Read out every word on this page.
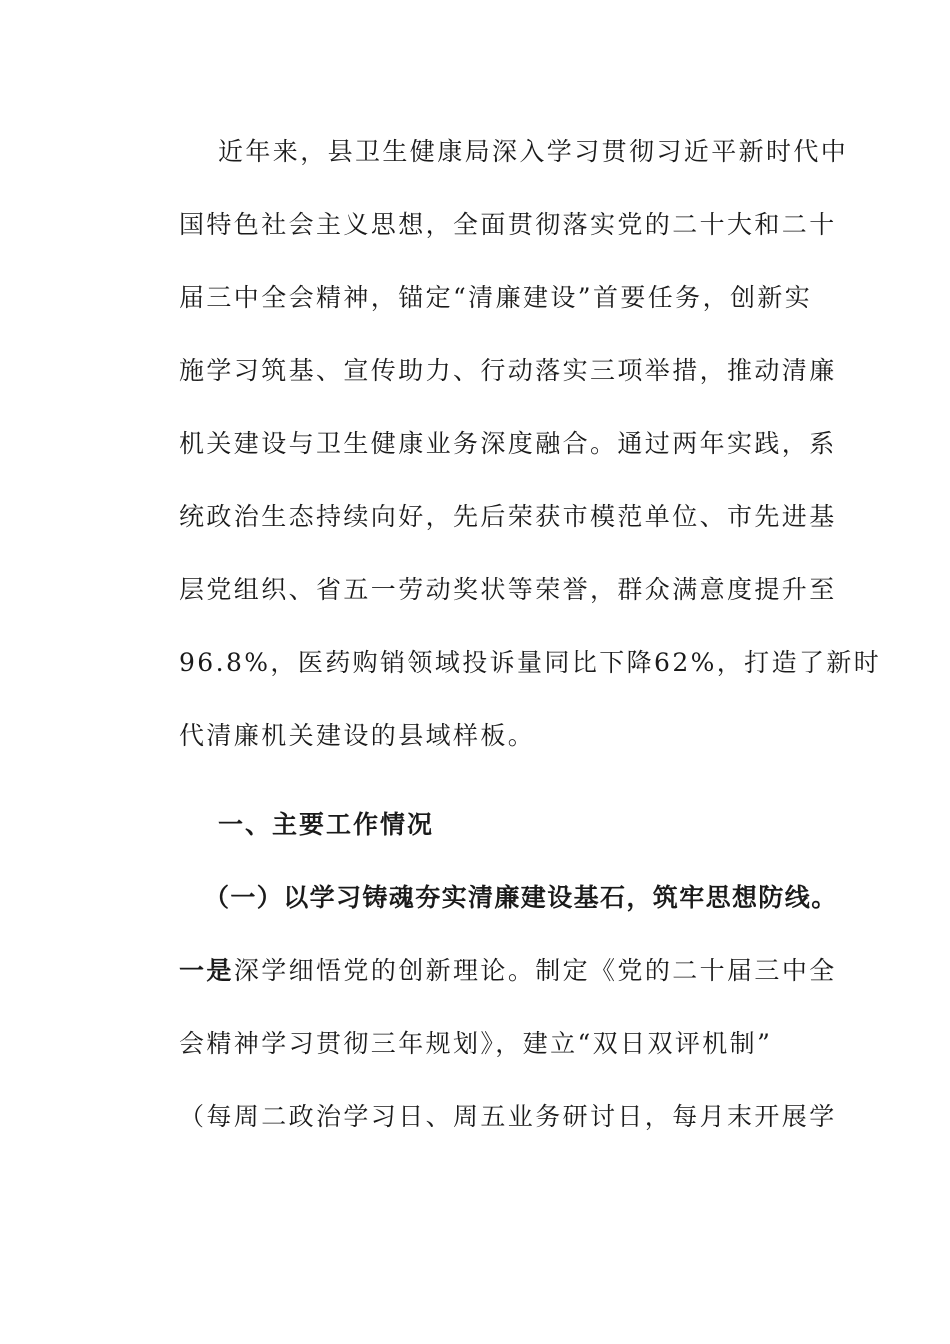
近年来，县卫生健康局深入学习贯彻习近平新时代中
国特色社会主义思想，全面贯彻落实党的二十大和二十
届三中全会精神，锚定“清廉建设”首要任务，创新实
施学习筑基、宣传助力、行动落实三项举措，推动清廉
机关建设与卫生健康业务深度融合。通过两年实践，系
统政治生态持续向好，先后荣获市模范单位、市先进基
层党组织、省五一劳动奖状等荣誉，群众满意度提升至
96.8%，医药购销领域投诉量同比下降62%，打造了新时
代清廉机关建设的县域样板。
一、主要工作情况
（一）以学习铸魂夯实清廉建设基石，筑牢思想防线。
一是深学细悟党的创新理论。制定《党的二十届三中全
会精神学习贯彻三年规划》，建立“双日双评机制”
（每周二政治学习日、周五业务研讨日，每月末开展学
